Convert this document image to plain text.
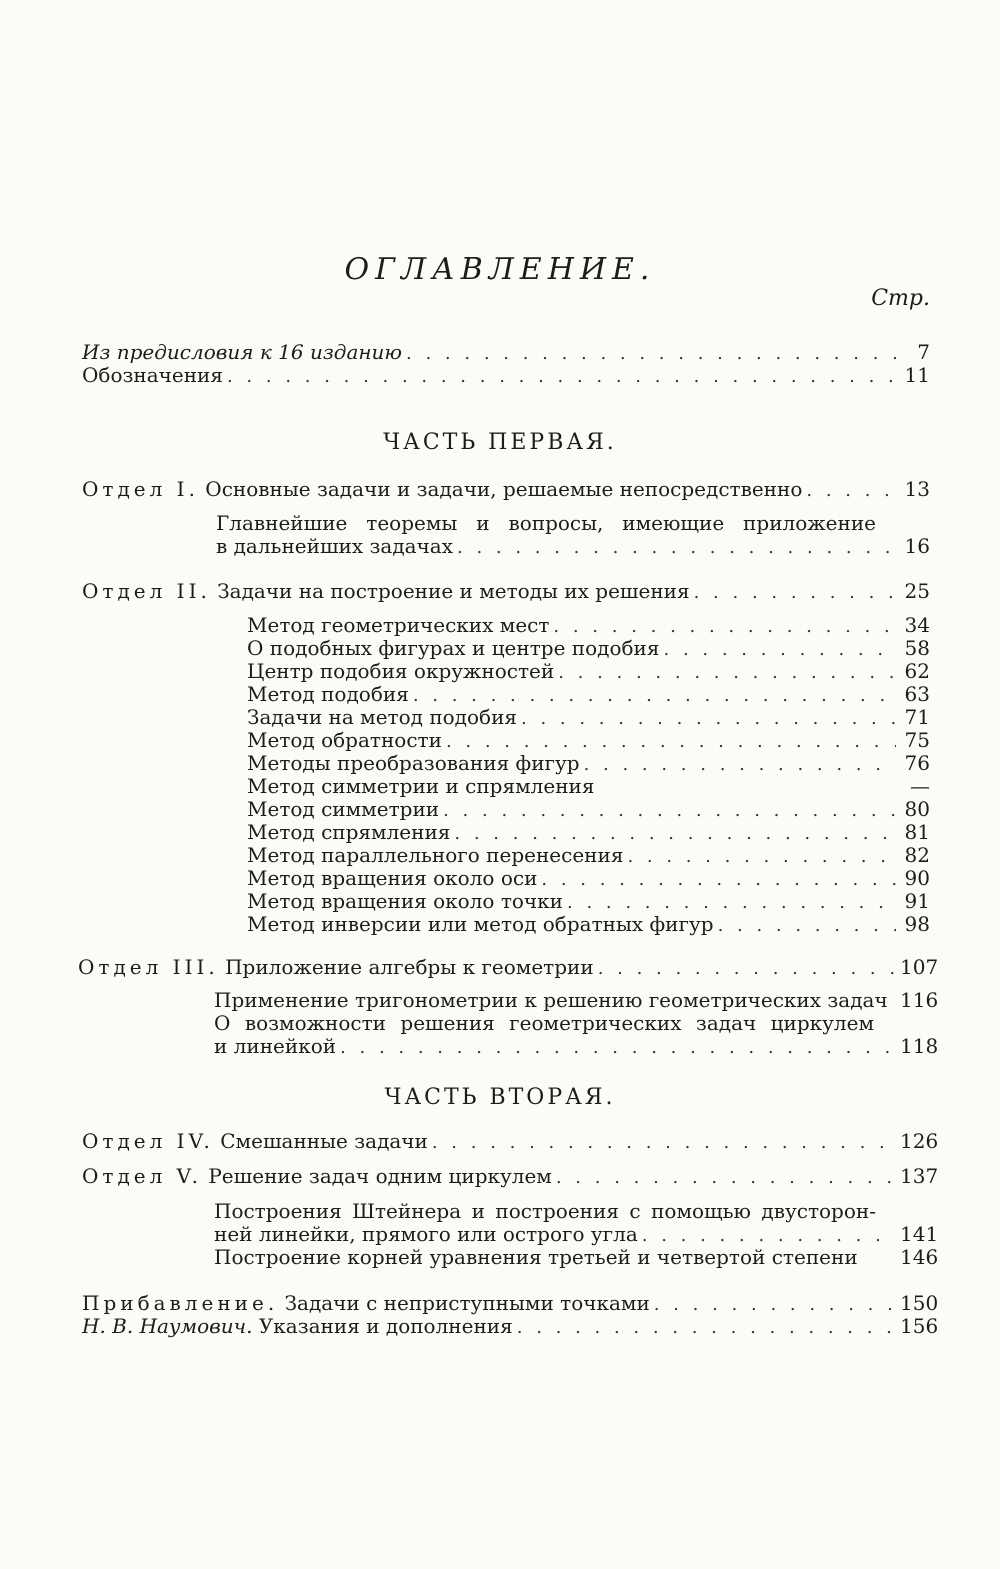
ОГЛАВЛЕНИЕ.
Стр.
Из предисловия к 16 изданию . . .	7
Обозначения . . .	11
ЧАСТЬ ПЕРВАЯ.
Отдел I. Основные задачи и задачи, решаемые непосредственно . . .	13
Главнейшие теоремы и вопросы, имеющие приложение
в дальнейших задачах . . .	16
Отдел II. Задачи на построение и методы их решения . . .	25
Метод геометрических мест . . .	34
О подобных фигурах и центре подобия . . .	58
Центр подобия окружностей . . .	62
Метод подобия . . .	63
Задачи на метод подобия . . .	71
Метод обратности . . .	75
Методы преобразования фигур . . .	76
Метод симметрии и спрямления	—
Метод симметрии . . .	80
Метод спрямления . . .	81
Метод параллельного перенесения . . .	82
Метод вращения около оси . . .	90
Метод вращения около точки . . .	91
Метод инверсии или метод обратных фигур . . .	98
Отдел III. Приложение алгебры к геометрии . . .	107
Применение тригонометрии к решению геометрических задач 116
О возможности решения геометрических задач циркулем
и линейкой . . .	118
ЧАСТЬ ВТОРАЯ.
Отдел IV. Смешанные задачи . . .	126
Отдел V. Решение задач одним циркулем . . .	137
Построения Штейнера и построения с помощью двусторон-
ней линейки, прямого или острого угла . . .	141
Построение корней уравнения третьей и четвертой степени 146
Прибавление. Задачи с неприступными точками . . .	150
Н. В. Наумович. Указания и дополнения . . .	156
